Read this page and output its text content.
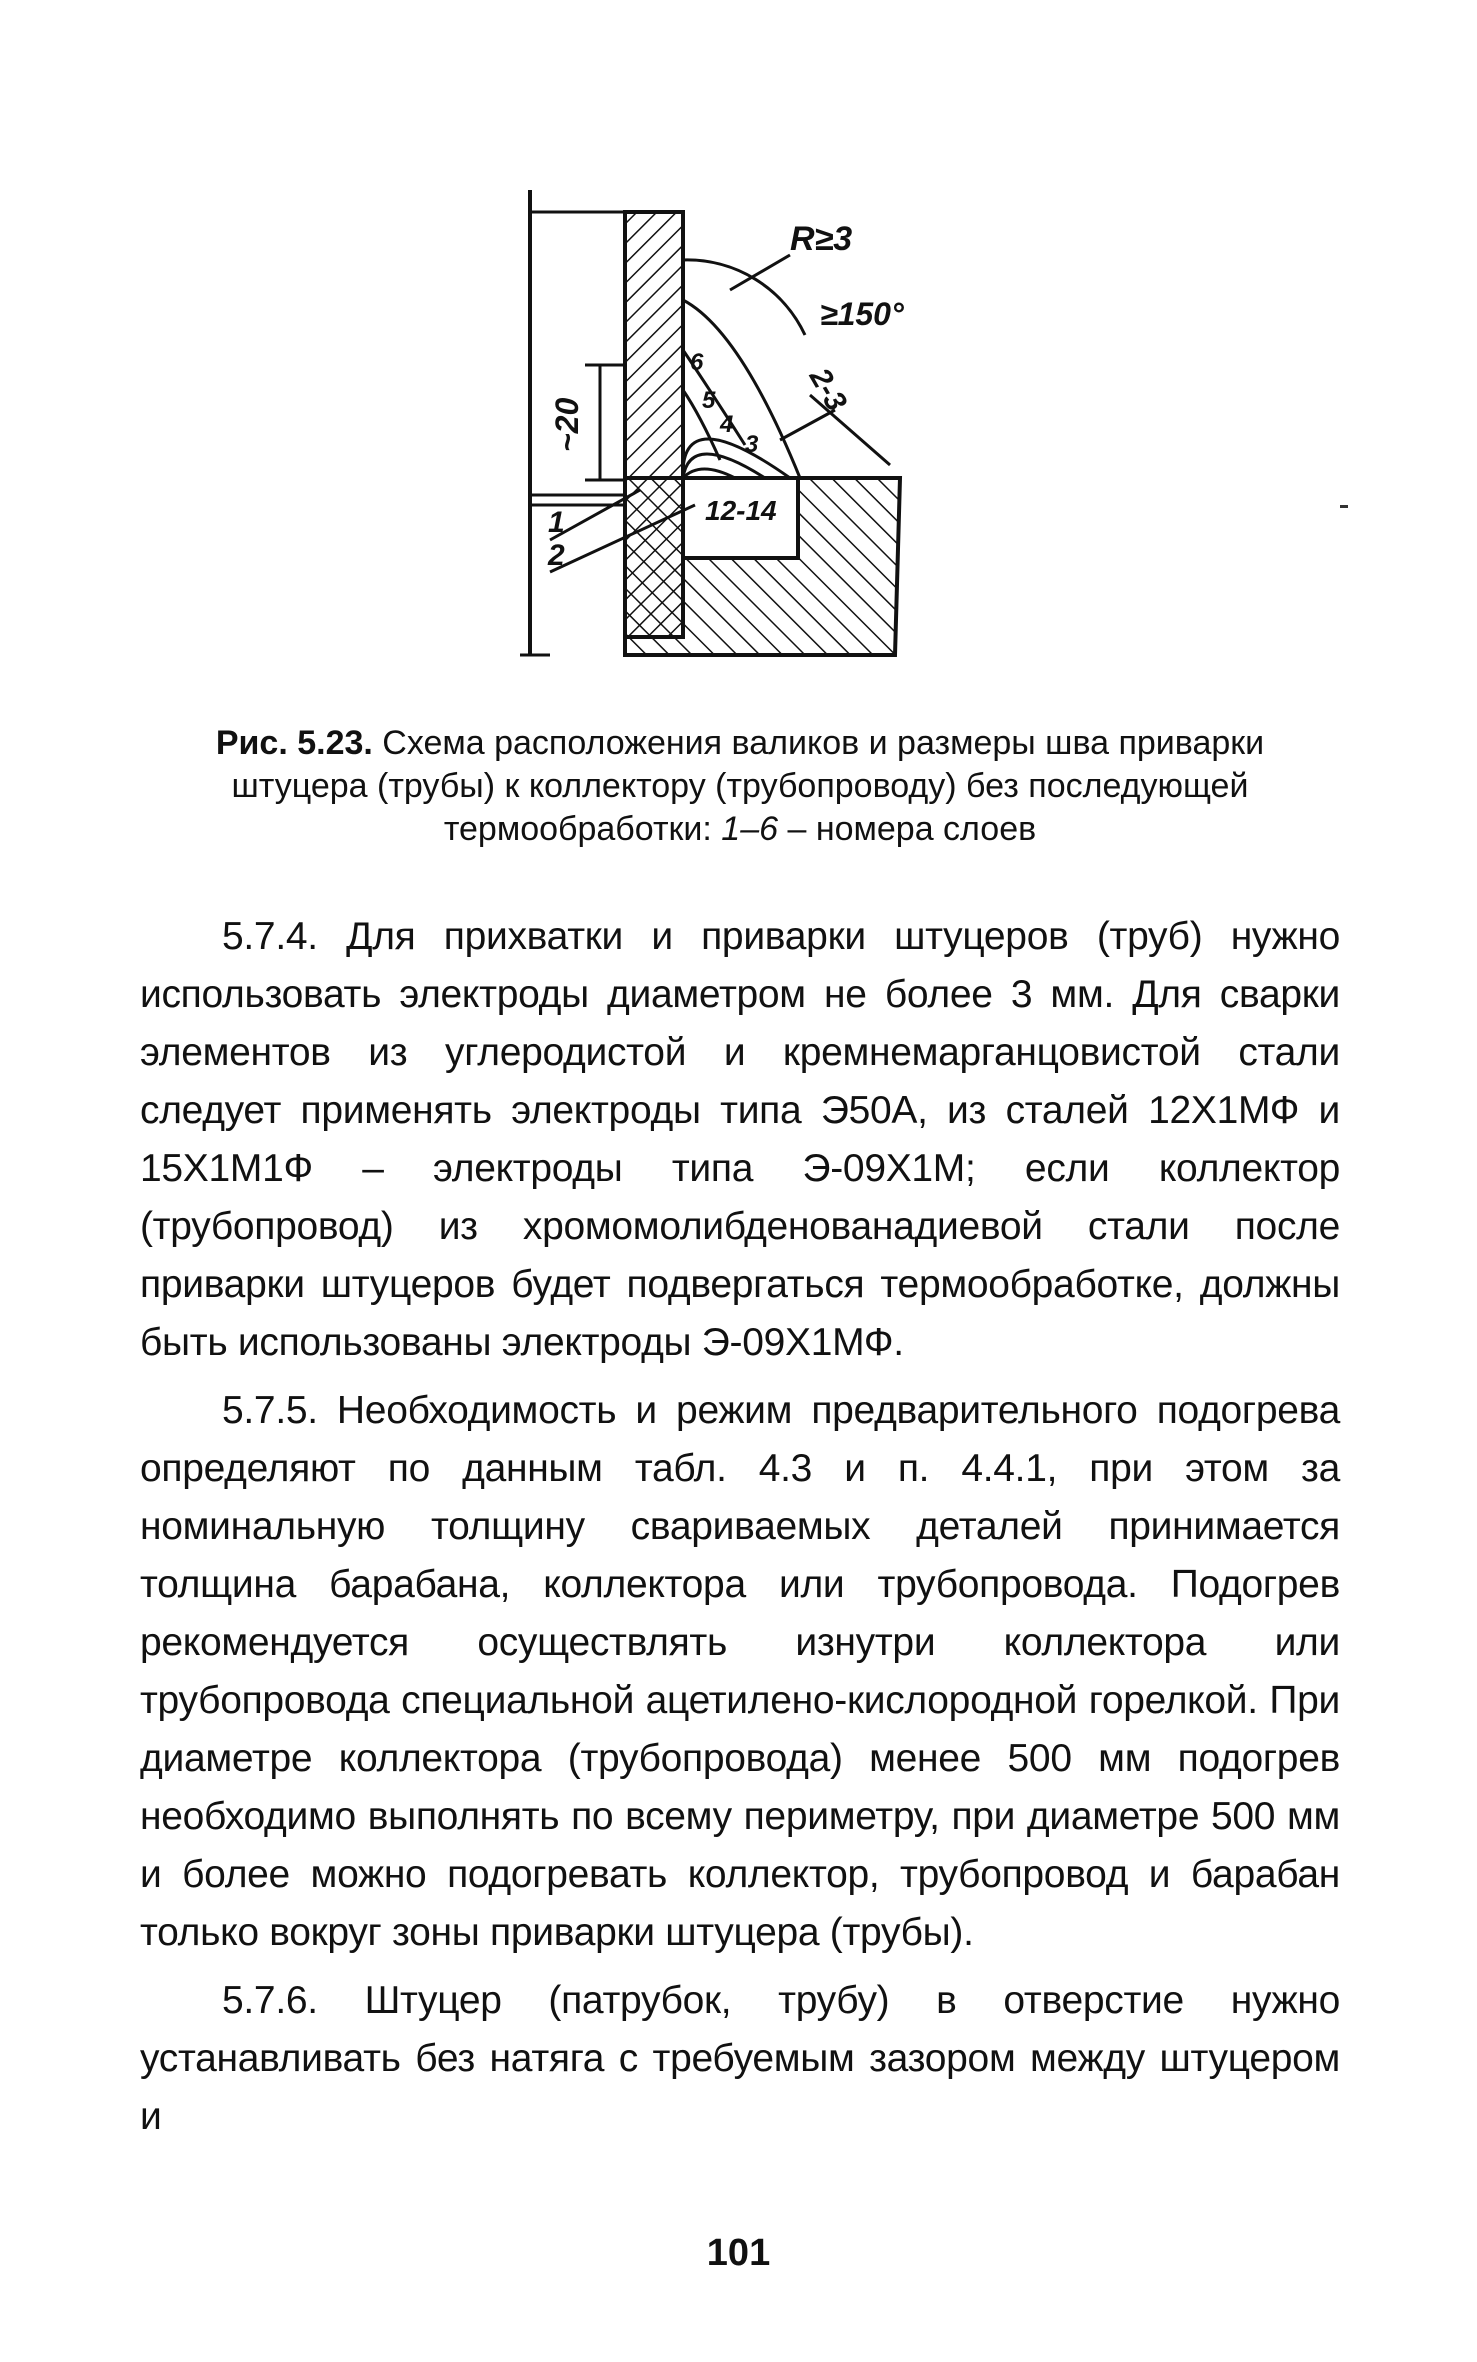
R≥3
≥150°
2-3
~20
12-14
1
2
6
5
4
3
Рис. 5.23. Схема расположения валиков и размеры шва приварки штуцера (трубы) к коллектору (трубопроводу) без последующей термообработки: 1–6 – номера слоев

5.7.4. Для прихватки и приварки штуцеров (труб) нужно использовать электроды диаметром не более 3 мм. Для сварки элементов из углеродистой и кремнемарганцовистой стали следует применять электроды типа Э50А, из сталей 12Х1МФ и 15Х1М1Ф – электроды типа Э-09Х1М; если коллектор (трубопровод) из хромомолибденованадиевой стали после приварки штуцеров будет подвергаться термообработке, должны быть использованы электроды Э-09Х1МФ.

5.7.5. Необходимость и режим предварительного подогрева определяют по данным табл. 4.3 и п. 4.4.1, при этом за номинальную толщину свариваемых деталей принимается толщина барабана, коллектора или трубопровода. Подогрев рекомендуется осуществлять изнутри коллектора или трубопровода специальной ацетилено-кислородной горелкой. При диаметре коллектора (трубопровода) менее 500 мм подогрев необходимо выполнять по всему периметру, при диаметре 500 мм и более можно подогревать коллектор, трубопровод и барабан только вокруг зоны приварки штуцера (трубы).

5.7.6. Штуцер (патрубок, трубу) в отверстие нужно устанавливать без натяга с требуемым зазором между штуцером и

101
